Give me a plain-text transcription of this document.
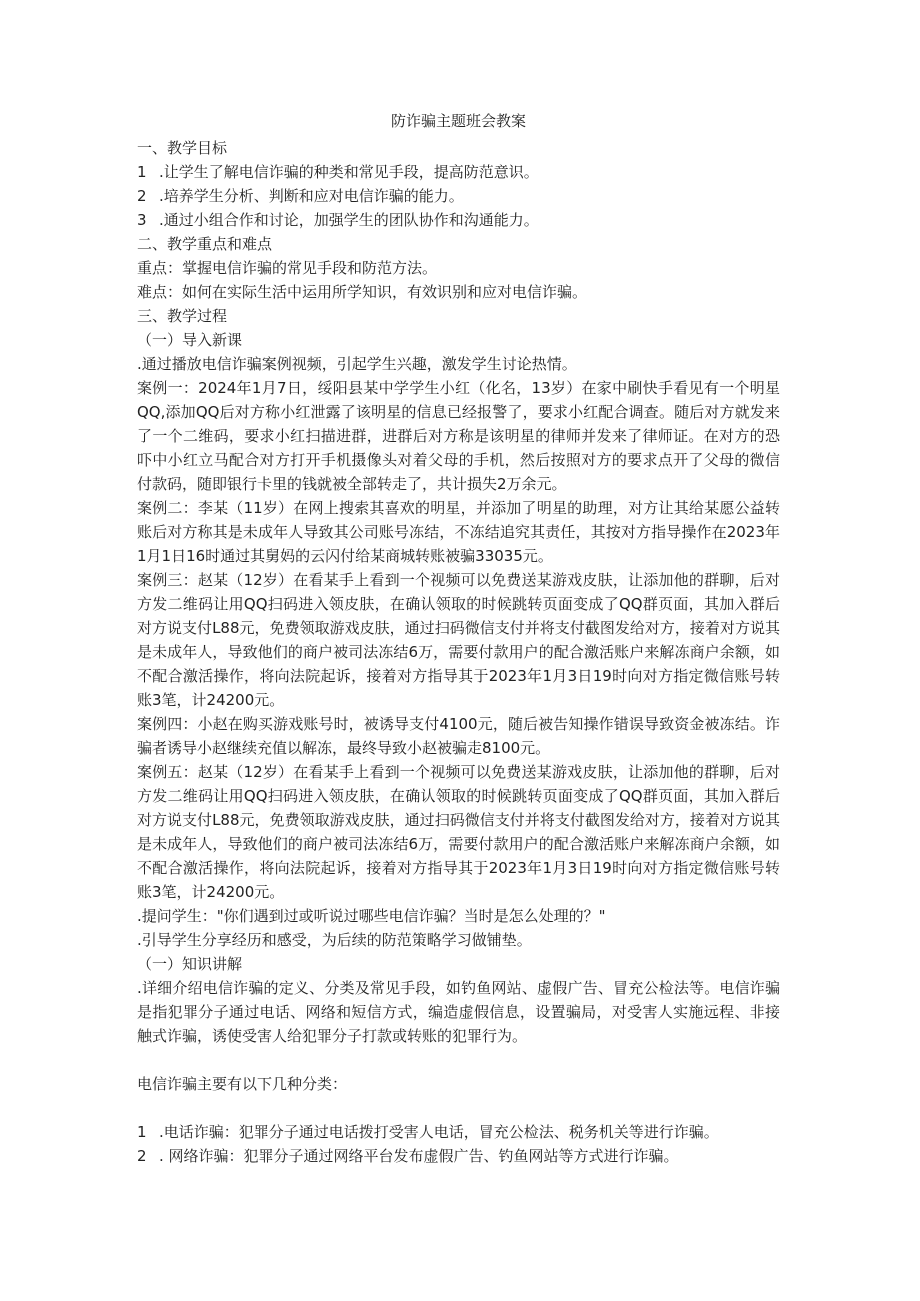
防诈骗主题班会教案
一、教学目标
1 .让学生了解电信诈骗的种类和常见手段，提高防范意识。
2 .培养学生分析、判断和应对电信诈骗的能力。
3 .通过小组合作和讨论，加强学生的团队协作和沟通能力。
二、教学重点和难点
重点：掌握电信诈骗的常见手段和防范方法。
难点：如何在实际生活中运用所学知识，有效识别和应对电信诈骗。
三、教学过程
（一）导入新课
.通过播放电信诈骗案例视频，引起学生兴趣，激发学生讨论热情。
案例一：2024年1月7日，绥阳县某中学学生小红（化名，13岁）在家中刷快手看见有一个明星QQ,添加QQ后对方称小红泄露了该明星的信息已经报警了，要求小红配合调查。随后对方就发来了一个二维码，要求小红扫描进群，进群后对方称是该明星的律师并发来了律师证。在对方的恐吓中小红立马配合对方打开手机摄像头对着父母的手机，然后按照对方的要求点开了父母的微信付款码，随即银行卡里的钱就被全部转走了，共计损失2万余元。
案例二：李某（11岁）在网上搜索其喜欢的明星，并添加了明星的助理，对方让其给某愿公益转账后对方称其是未成年人导致其公司账号冻结，不冻结追究其责任，其按对方指导操作在2023年1月1日16时通过其舅妈的云闪付给某商城转账被骗33035元。
案例三：赵某（12岁）在看某手上看到一个视频可以免费送某游戏皮肤，让添加他的群聊，后对方发二维码让用QQ扫码进入领皮肤，在确认领取的时候跳转页面变成了QQ群页面，其加入群后对方说支付L88元，免费领取游戏皮肤，通过扫码微信支付并将支付截图发给对方，接着对方说其是未成年人，导致他们的商户被司法冻结6万，需要付款用户的配合激活账户来解冻商户余额，如不配合激活操作，将向法院起诉，接着对方指导其于2023年1月3日19时向对方指定微信账号转账3笔，计24200元。
案例四：小赵在购买游戏账号时，被诱导支付4100元，随后被告知操作错误导致资金被冻结。诈骗者诱导小赵继续充值以解冻，最终导致小赵被骗走8100元。
案例五：赵某（12岁）在看某手上看到一个视频可以免费送某游戏皮肤，让添加他的群聊，后对方发二维码让用QQ扫码进入领皮肤，在确认领取的时候跳转页面变成了QQ群页面，其加入群后对方说支付L88元，免费领取游戏皮肤，通过扫码微信支付并将支付截图发给对方，接着对方说其是未成年人，导致他们的商户被司法冻结6万，需要付款用户的配合激活账户来解冻商户余额，如不配合激活操作，将向法院起诉，接着对方指导其于2023年1月3日19时向对方指定微信账号转账3笔，计24200元。
.提问学生："你们遇到过或听说过哪些电信诈骗？当时是怎么处理的？"
.引导学生分享经历和感受，为后续的防范策略学习做铺垫。
（一）知识讲解
.详细介绍电信诈骗的定义、分类及常见手段，如钓鱼网站、虚假广告、冒充公检法等。电信诈骗是指犯罪分子通过电话、网络和短信方式，编造虚假信息，设置骗局，对受害人实施远程、非接触式诈骗，诱使受害人给犯罪分子打款或转账的犯罪行为。
电信诈骗主要有以下几种分类：
1 .电话诈骗：犯罪分子通过电话拨打受害人电话，冒充公检法、税务机关等进行诈骗。
2 . 网络诈骗：犯罪分子通过网络平台发布虚假广告、钓鱼网站等方式进行诈骗。
